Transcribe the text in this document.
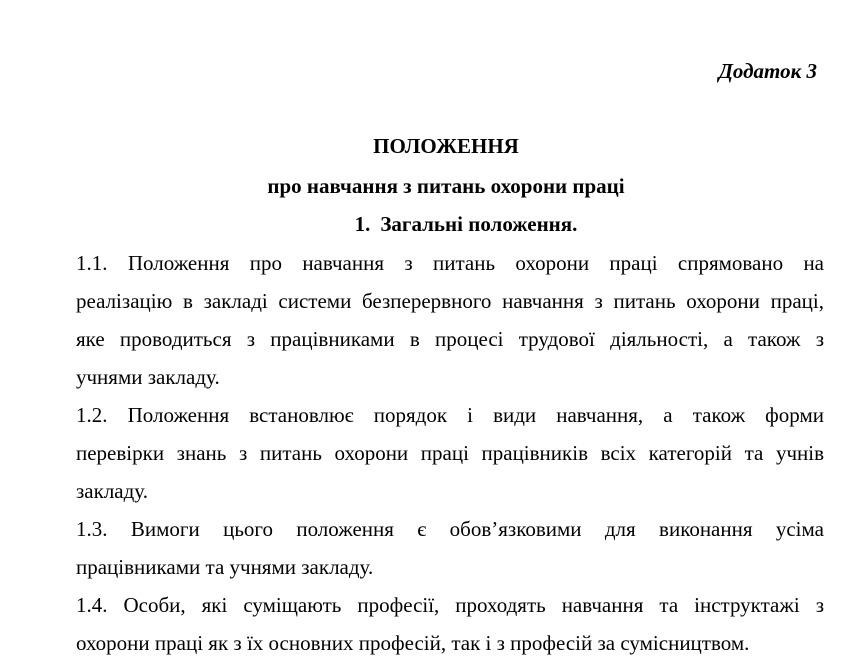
Додаток 3
ПОЛОЖЕННЯ
про навчання з питань охорони праці
1. Загальні положення.
1.1. Положення про навчання з питань охорони праці спрямовано на
реалізацію в закладі системи безперервного навчання з питань охорони праці,
яке проводиться з працівниками в процесі трудової діяльності, а також з
учнями закладу.
1.2. Положення встановлює порядок і види навчання, а також форми
перевірки знань з питань охорони праці працівників всіх категорій та учнів
закладу.
1.3. Вимоги цього положення є обов’язковими для виконання усіма
працівниками та учнями закладу.
1.4. Особи, які суміщають професії, проходять навчання та інструктажі з
охорони праці як з їх основних професій, так і з професій за сумісництвом.
